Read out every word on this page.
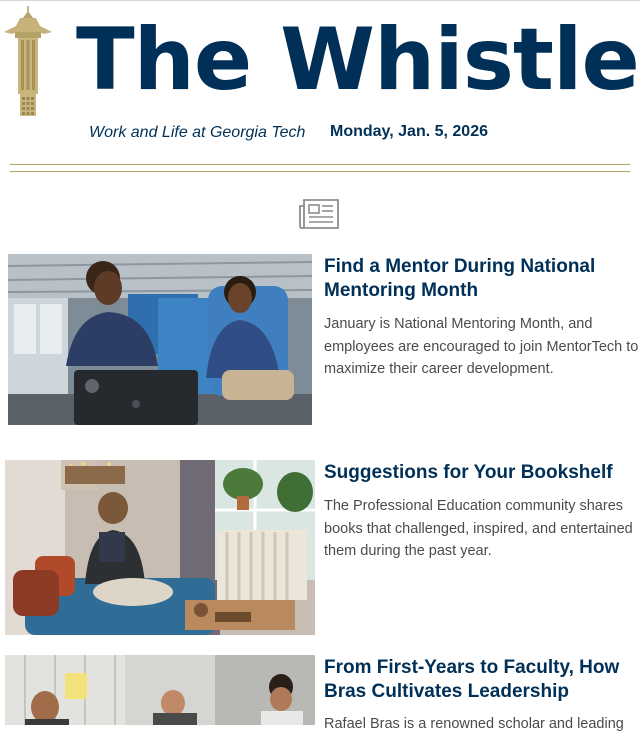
The Whistle
Work and Life at Georgia Tech Monday, Jan. 5, 2026
Find a Mentor During National Mentoring Month

January is National Mentoring Month, and employees are encouraged to join MentorTech to maximize their career development.

Suggestions for Your Bookshelf

The Professional Education community shares books that challenged, inspired, and entertained them during the past year.

From First-Years to Faculty, How Bras Cultivates Leadership

Rafael Bras is a renowned scholar and leading
